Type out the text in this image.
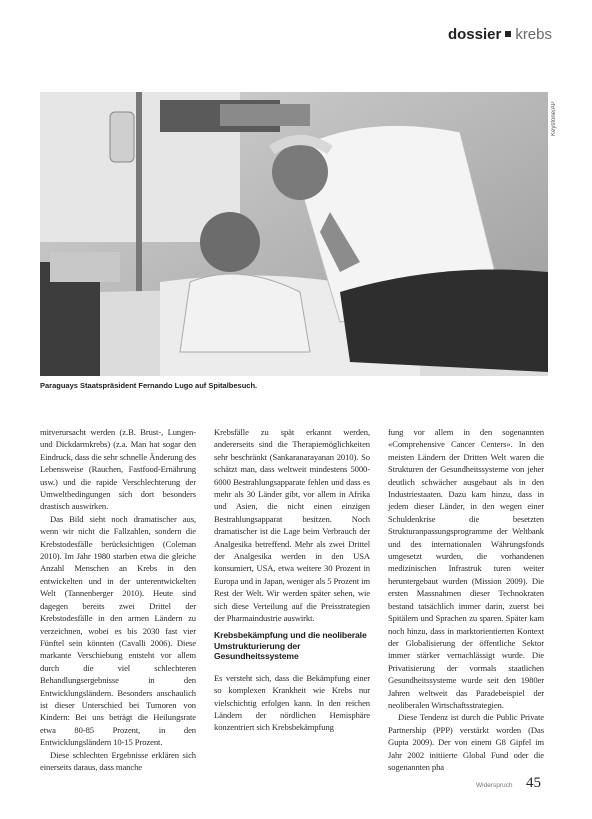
dossier krebs
Keystone/AP
Paraguays Staatspräsident Fernando Lugo auf Spitalbesuch.

mitverursacht werden (z.B. Brust-, Lungen- und Dickdarmkrebs) (z.a. Man hat sogar den Eindruck, dass die sehr schnelle Änderung des Lebensweise (Rauchen, Fastfood-Ernährung usw.) und die rapide Verschlechterung der Umweltbedingungen sich dort besonders drastisch auswirken.

Das Bild sieht noch dramatischer aus, wenn wir nicht die Fallzahlen, sondern die Krebstodesfälle berücksichtigen (Coleman 2010). Im Jahr 1980 starben etwa die gleiche Anzahl Menschen an Krebs in den entwickelten und in der unterentwickelten Welt (Tannenberger 2010). Heute sind dagegen bereits zwei Drittel der Krebstodesfälle in den armen Ländern zu verzeichnen, wobei es bis 2030 fast vier Fünftel sein könnten (Cavalli 2006). Diese markante Verschiebung entsteht vor allem durch die viel schlechteren Behandlungsergebnisse in den Entwicklungsländern. Besonders anschaulich ist dieser Unterschied bei Tumoren von Kindern: Bei uns beträgt die Heilungsrate etwa 80-85 Prozent, in den Entwicklungsländern 10-15 Prozent.

Diese schlechten Ergebnisse erklären sich einerseits daraus, dass manche

Krebsfälle zu spät erkannt werden, andererseits sind die Therapiemöglichkeiten sehr beschränkt (Sankaranarayanan 2010). So schätzt man, dass weltweit mindestens 5000-6000 Bestrahlungsapparate fehlen und dass es mehr als 30 Länder gibt, vor allem in Afrika und Asien, die nicht einen einzigen Bestrahlungsapparat besitzen. Noch dramatischer ist die Lage beim Verbrauch der Analgesika betreffend. Mehr als zwei Drittel der Analgesika werden in den USA konsumiert, USA, etwa weitere 30 Prozent in Europa und in Japan, weniger als 5 Prozent im Rest der Welt. Wir werden später sehen, wie sich diese Verteilung auf die Preisstrategien der Pharmaindustrie auswirkt.
Krebsbekämpfung und die neoliberale Umstrukturierung der Gesundheitssysteme

Es versteht sich, dass die Bekämpfung einer so komplexen Krankheit wie Krebs nur vielschichtig erfolgen kann. In den reichen Ländern der nördlichen Hemisphäre konzentriert sich Krebsbekämpfung

fung vor allem in den sogenannten «Comprehensive Cancer Centers». In den meisten Ländern der Dritten Welt waren die Strukturen der Gesundheitssysteme von jeher deutlich schwächer ausgebaut als in den Industriestaaten. Dazu kam hinzu, dass in jedem dieser Länder, in den wegen einer Schuldenkrise die besetzten Strukturanpassungsprogramme der Weltbank und des internationalen Währungsfonds umgesetzt wurden, die vorhandenen medizinischen Infrastruk turen weiter heruntergebaut wurden (Mission 2009). Die ersten Massnahmen dieser Technokraten bestand tatsächlich immer darin, zuerst bei Spitälern und Sprachen zu sparen. Später kam noch hinzu, dass in marktorientierten Kontext der Globalisierung der öffentliche Sektor immer stärker vernachlässigt wurde. Die Privatisierung der vormals staatlichen Gesundheitssysteme wurde seit den 1980er Jahren weltweit das Paradebeispiel der neoliberalen Wirtschaftsstrategien.

Diese Tendenz ist durch die Public Private Partnership (PPP) verstärkt worden (Das Gupta 2009). Der von einem G8 Gipfel im Jahr 2002 initiierte Global Fund oder die sogenannten pha

Widerspruch 45
